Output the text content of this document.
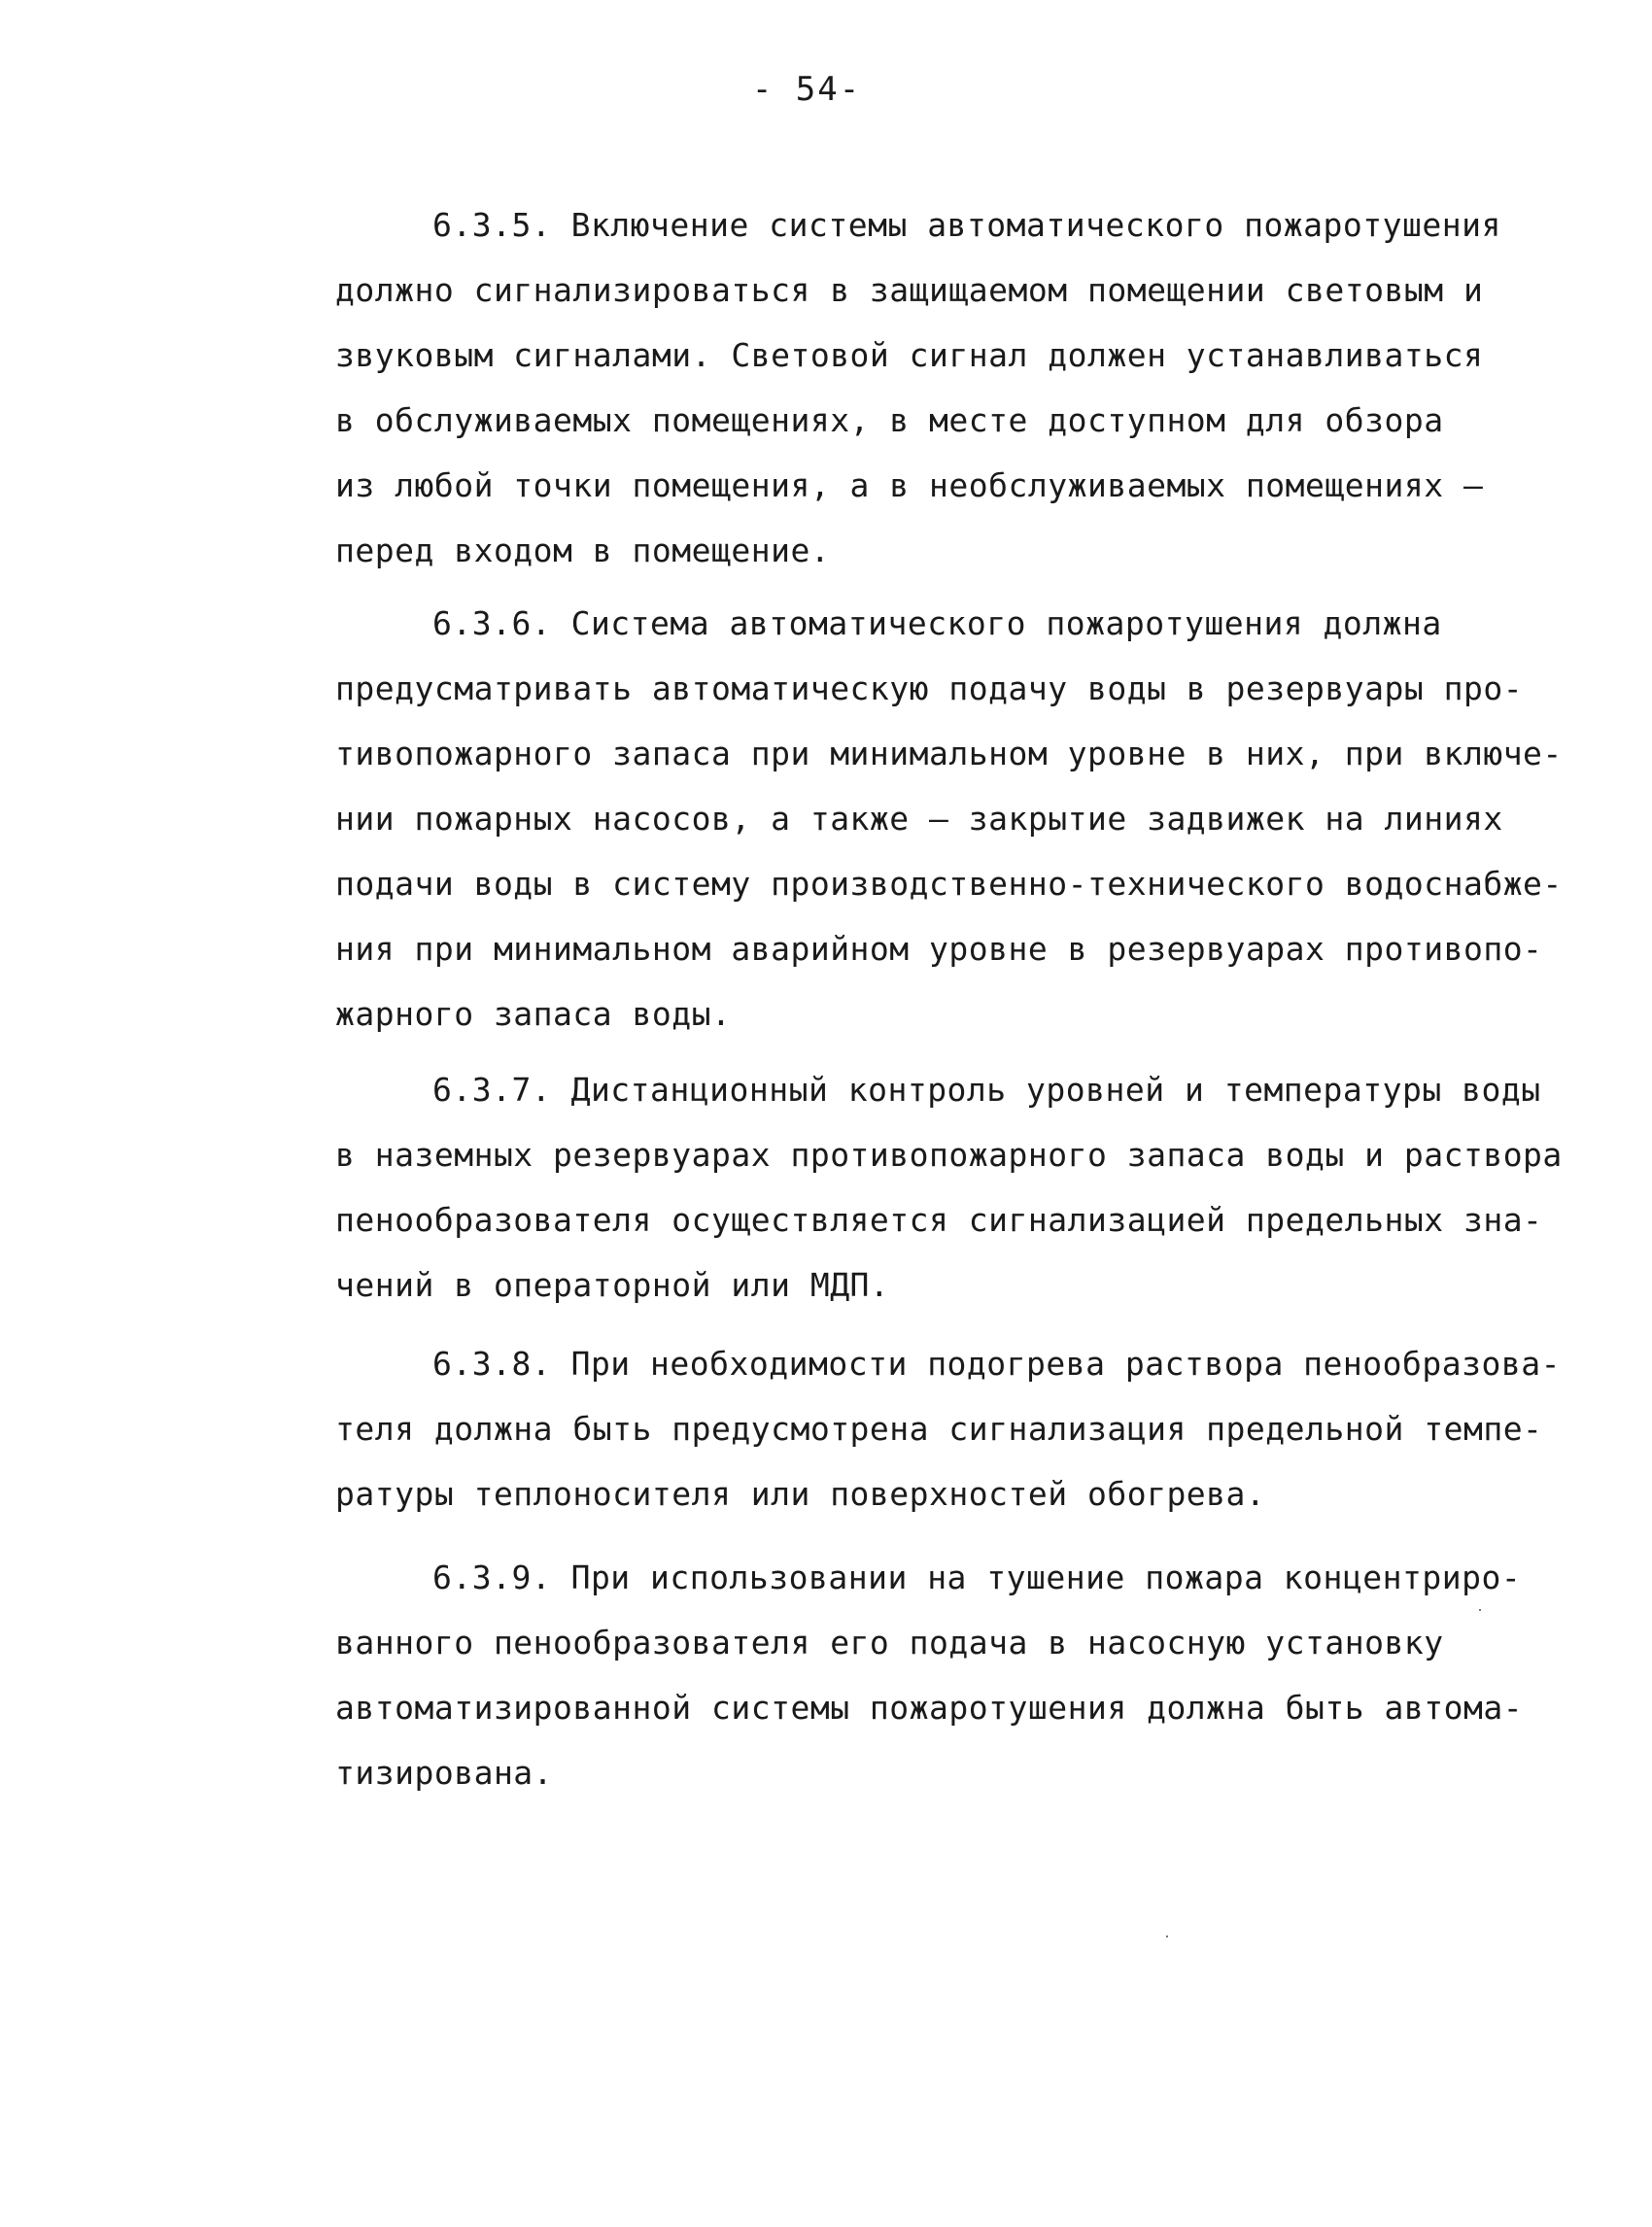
- 54-
6.3.5. Включение системы автоматического пожаротушения
должно сигнализироваться в защищаемом помещении световым и
звуковым сигналами. Световой сигнал должен устанавливаться
в обслуживаемых помещениях, в месте доступном для обзора
из любой точки помещения, а в необслуживаемых помещениях –
перед входом в помещение.
6.3.6. Система автоматического пожаротушения должна
предусматривать автоматическую подачу воды в резервуары про-
тивопожарного запаса при минимальном уровне в них, при включе-
нии пожарных насосов, а также – закрытие задвижек на линиях
подачи воды в систему производственно-технического водоснабже-
ния при минимальном аварийном уровне в резервуарах противопо-
жарного запаса воды.
6.3.7. Дистанционный контроль уровней и температуры воды
в наземных резервуарах противопожарного запаса воды и раствора
пенообразователя осуществляется сигнализацией предельных зна-
чений в операторной или МДП.
6.3.8. При необходимости подогрева раствора пенообразова-
теля должна быть предусмотрена сигнализация предельной темпе-
ратуры теплоносителя или поверхностей обогрева.
6.3.9. При использовании на тушение пожара концентриро-
ванного пенообразователя его подача в насосную установку
автоматизированной системы пожаротушения должна быть автома-
тизирована.
